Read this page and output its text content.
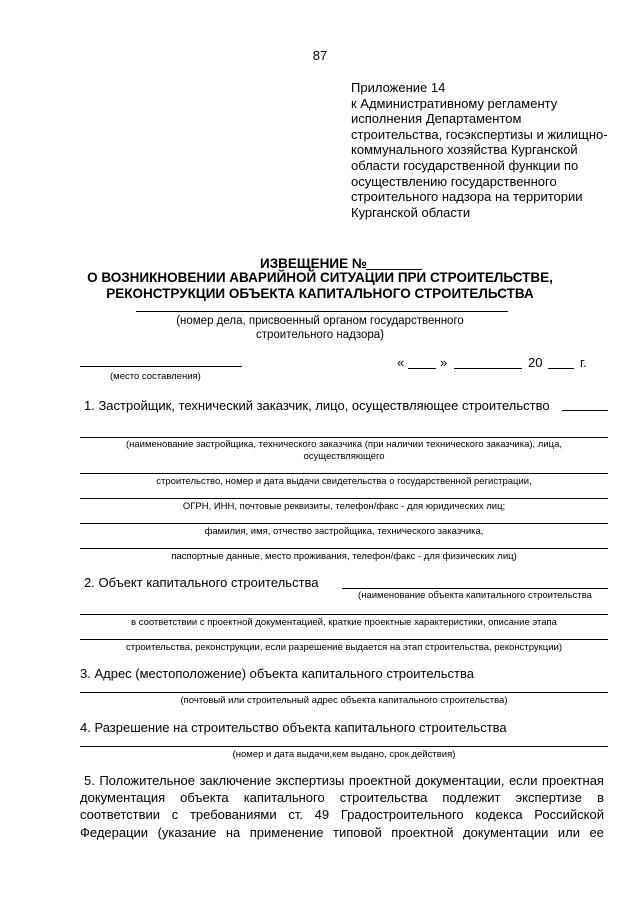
87
Приложение 14
к Административному регламенту
исполнения Департаментом
строительства, госэкспертизы и жилищно-
коммунального хозяйства Курганской
области государственной функции по
осуществлению государственного
строительного надзора на территории
Курганской области
ИЗВЕЩЕНИЕ №
О ВОЗНИКНОВЕНИИ АВАРИЙНОЙ СИТУАЦИИ ПРИ СТРОИТЕЛЬСТВЕ,
РЕКОНСТРУКЦИИ ОБЪЕКТА КАПИТАЛЬНОГО СТРОИТЕЛЬСТВА
(номер дела, присвоенный органом государственного
строительного надзора)
(место составления)
«	»	20	г.
1. Застройщик, технический заказчик, лицо, осуществляющее строительство
(наименование застройщика, технического заказчика (при наличии технического заказчика), лица,
осуществляющего
строительство, номер и дата выдачи свидетельства о государственной регистрации,
ОГРН, ИНН, почтовые реквизиты, телефон/факс - для юридических лиц;
фамилия, имя, отчество застройщика, технического заказчика,
паспортные данные, место проживания, телефон/факс - для физических лиц)
2. Объект капитального строительства
(наименование объекта капитального строительства
в соответствии с проектной документацией, краткие проектные характеристики, описание этапа
строительства, реконструкции, если разрешение выдается на этап строительства, реконструкции)
3. Адрес (местоположение) объекта капитального строительства
(почтовый или строительный адрес объекта капитального строительства)
4. Разрешение на строительство объекта капитального строительства
(номер и дата выдачи,кем выдано, срок действия)
5. Положительное заключение экспертизы проектной документации, если проектная
документация объекта капитального строительства подлежит экспертизе в
соответствии с требованиями ст. 49 Градостроительного кодекса Российской
Федерации (указание на применение типовой проектной документации или ее
